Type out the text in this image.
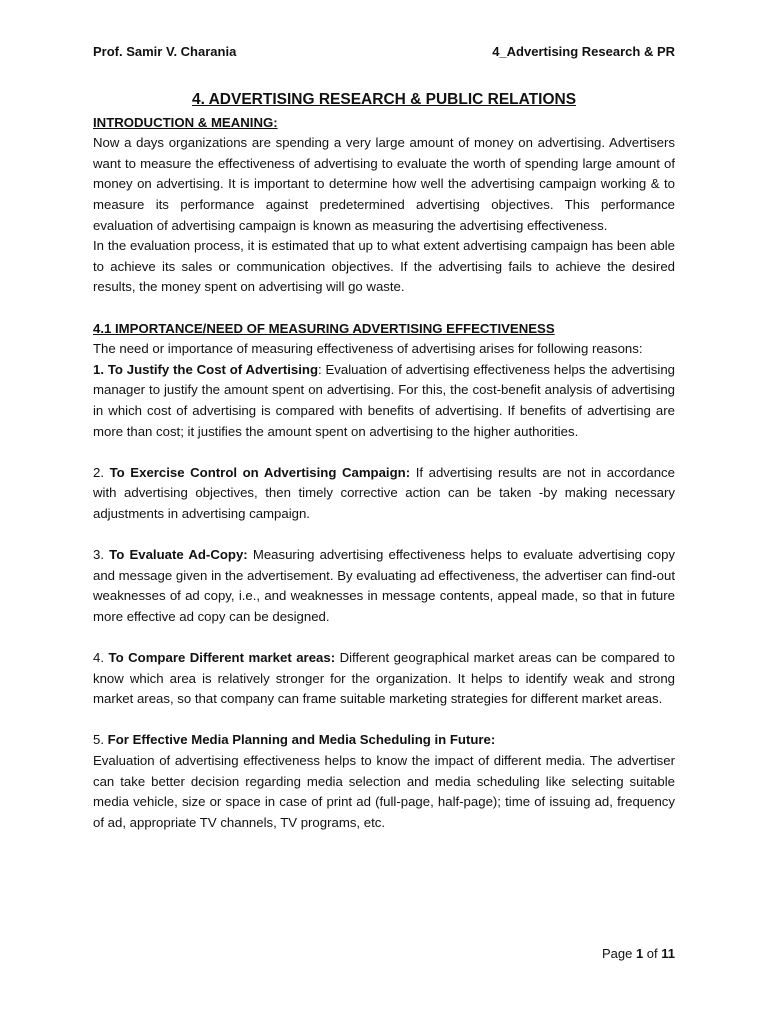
Prof. Samir V. Charania	4_Advertising Research & PR
4. ADVERTISING RESEARCH & PUBLIC RELATIONS
INTRODUCTION & MEANING:

Now a days organizations are spending a very large amount of money on advertising. Advertisers want to measure the effectiveness of advertising to evaluate the worth of spending large amount of money on advertising. It is important to determine how well the advertising campaign working & to measure its performance against predetermined advertising objectives. This performance evaluation of advertising campaign is known as measuring the advertising effectiveness.

In the evaluation process, it is estimated that up to what extent advertising campaign has been able to achieve its sales or communication objectives. If the advertising fails to achieve the desired results, the money spent on advertising will go waste.

4.1 IMPORTANCE/NEED OF MEASURING ADVERTISING EFFECTIVENESS

The need or importance of measuring effectiveness of advertising arises for following reasons:

1. To Justify the Cost of Advertising: Evaluation of advertising effectiveness helps the advertising manager to justify the amount spent on advertising. For this, the cost-benefit analysis of advertising in which cost of advertising is compared with benefits of advertising. If benefits of advertising are more than cost; it justifies the amount spent on advertising to the higher authorities.

2. To Exercise Control on Advertising Campaign: If advertising results are not in accordance with advertising objectives, then timely corrective action can be taken -by making necessary adjustments in advertising campaign.

3. To Evaluate Ad-Copy: Measuring advertising effectiveness helps to evaluate advertising copy and message given in the advertisement. By evaluating ad effectiveness, the advertiser can find-out weaknesses of ad copy, i.e., and weaknesses in message contents, appeal made, so that in future more effective ad copy can be designed.

4. To Compare Different market areas: Different geographical market areas can be compared to know which area is relatively stronger for the organization. It helps to identify weak and strong market areas, so that company can frame suitable marketing strategies for different market areas.

5. For Effective Media Planning and Media Scheduling in Future:

Evaluation of advertising effectiveness helps to know the impact of different media. The advertiser can take better decision regarding media selection and media scheduling like selecting suitable media vehicle, size or space in case of print ad (full-page, half-page); time of issuing ad, frequency of ad, appropriate TV channels, TV programs, etc.

Page 1 of 11
